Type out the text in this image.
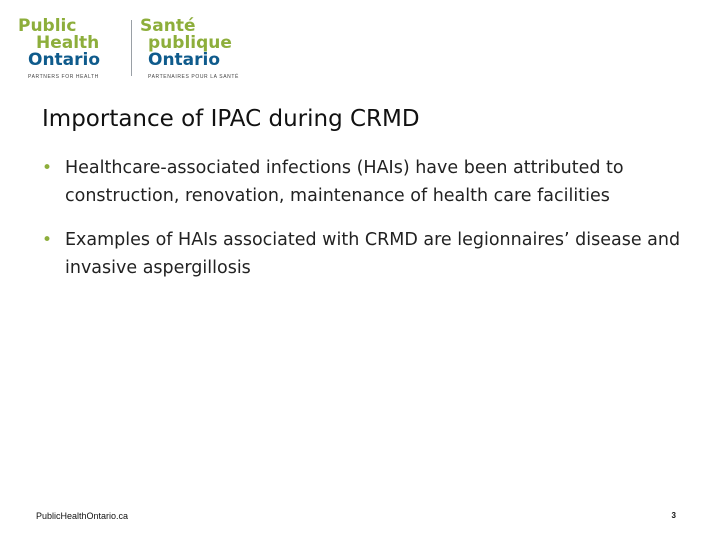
Public
Health
Ontario
PARTNERS FOR HEALTH
Santé
publique
Ontario
PARTENAIRES POUR LA SANTÉ
Importance of IPAC during CRMD
• Healthcare-associated infections (HAIs) have been attributed to construction, renovation, maintenance of health care facilities
• Examples of HAIs associated with CRMD are legionnaires’ disease and invasive aspergillosis
PublicHealthOntario.ca	3
